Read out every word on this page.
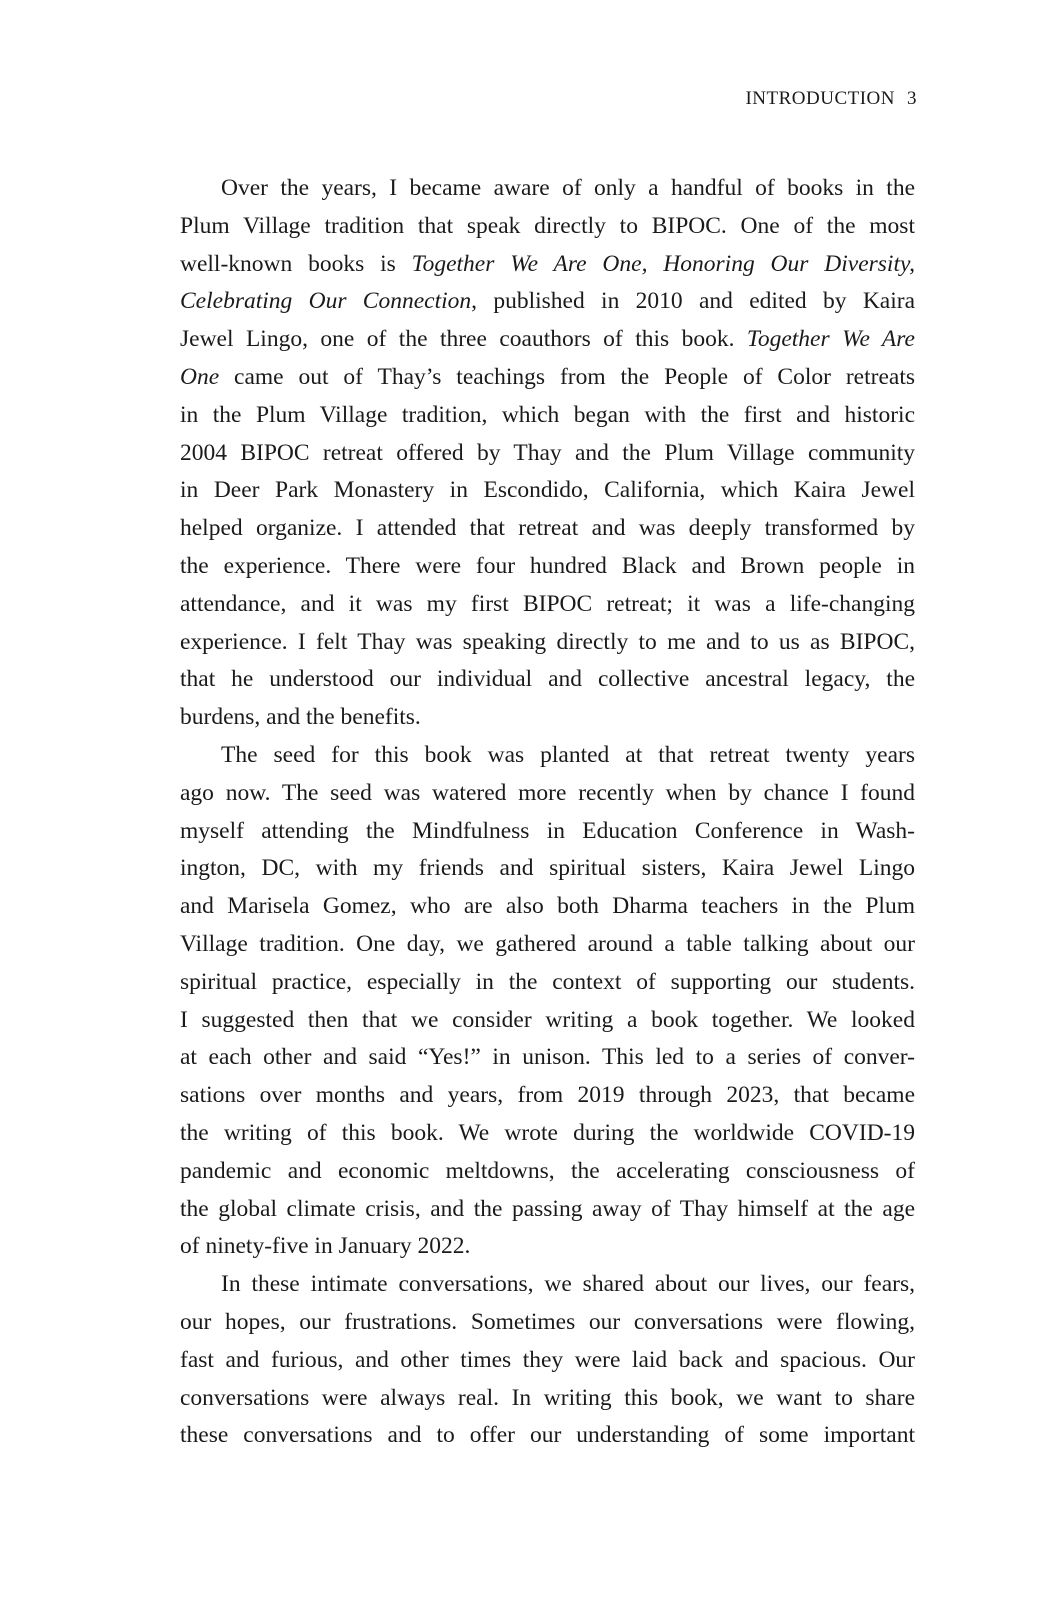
INTRODUCTION 3
Over the years, I became aware of only a handful of books in the
Plum Village tradition that speak directly to BIPOC. One of the most
well-known books is Together We Are One, Honoring Our Diversity,
Celebrating Our Connection, published in 2010 and edited by Kaira
Jewel Lingo, one of the three coauthors of this book. Together We Are
One came out of Thay’s teachings from the People of Color retreats
in the Plum Village tradition, which began with the first and historic
2004 BIPOC retreat offered by Thay and the Plum Village community
in Deer Park Monastery in Escondido, California, which Kaira Jewel
helped organize. I attended that retreat and was deeply transformed by
the experience. There were four hundred Black and Brown people in
attendance, and it was my first BIPOC retreat; it was a life-changing
experience. I felt Thay was speaking directly to me and to us as BIPOC,
that he understood our individual and collective ancestral legacy, the
burdens, and the benefits.
The seed for this book was planted at that retreat twenty years
ago now. The seed was watered more recently when by chance I found
myself attending the Mindfulness in Education Conference in Wash-
ington, DC, with my friends and spiritual sisters, Kaira Jewel Lingo
and Marisela Gomez, who are also both Dharma teachers in the Plum
Village tradition. One day, we gathered around a table talking about our
spiritual practice, especially in the context of supporting our students.
I suggested then that we consider writing a book together. We looked
at each other and said “Yes!” in unison. This led to a series of conver-
sations over months and years, from 2019 through 2023, that became
the writing of this book. We wrote during the worldwide COVID-19
pandemic and economic meltdowns, the accelerating consciousness of
the global climate crisis, and the passing away of Thay himself at the age
of ninety-five in January 2022.
In these intimate conversations, we shared about our lives, our fears,
our hopes, our frustrations. Sometimes our conversations were flowing,
fast and furious, and other times they were laid back and spacious. Our
conversations were always real. In writing this book, we want to share
these conversations and to offer our understanding of some important
